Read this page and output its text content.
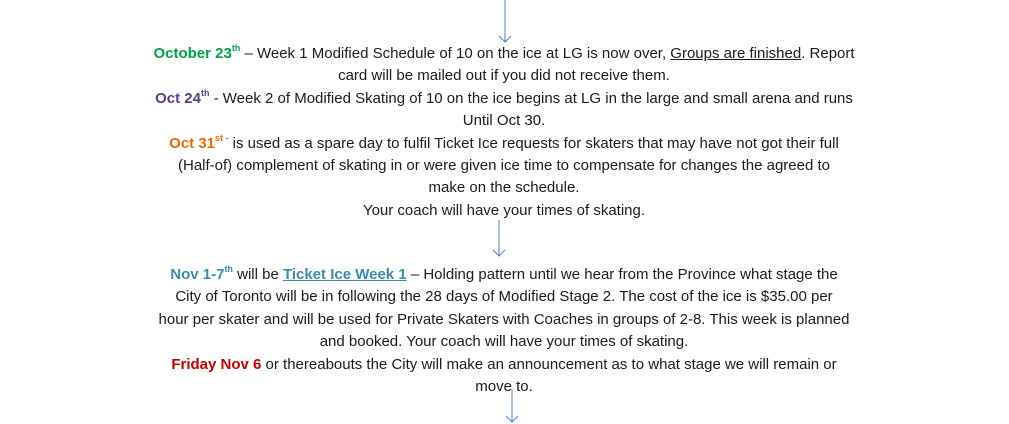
October 23th – Week 1 Modified Schedule of 10 on the ice at LG is now over, Groups are finished. Report
card will be mailed out if you did not receive them.
Oct 24th - Week 2 of Modified Skating of 10 on the ice begins at LG in the large and small arena and runs
Until Oct 30.
Oct $31^{st -}$ is used as a spare day to fulfil Ticket Ice requests for skaters that may have not got their full
(Half-of) complement of skating in or were given ice time to compensate for changes the agreed to
make on the schedule.
Your coach will have your times of skating.
Nov 1-7th will be Ticket Ice Week 1 – Holding pattern until we hear from the Province what stage the
City of Toronto will be in following the 28 days of Modified Stage 2. The cost of the ice is $35.00 per
hour per skater and will be used for Private Skaters with Coaches in groups of 2-8. This week is planned
and booked. Your coach will have your times of skating.
Friday Nov 6 or thereabouts the City will make an announcement as to what stage we will remain or
move to.
